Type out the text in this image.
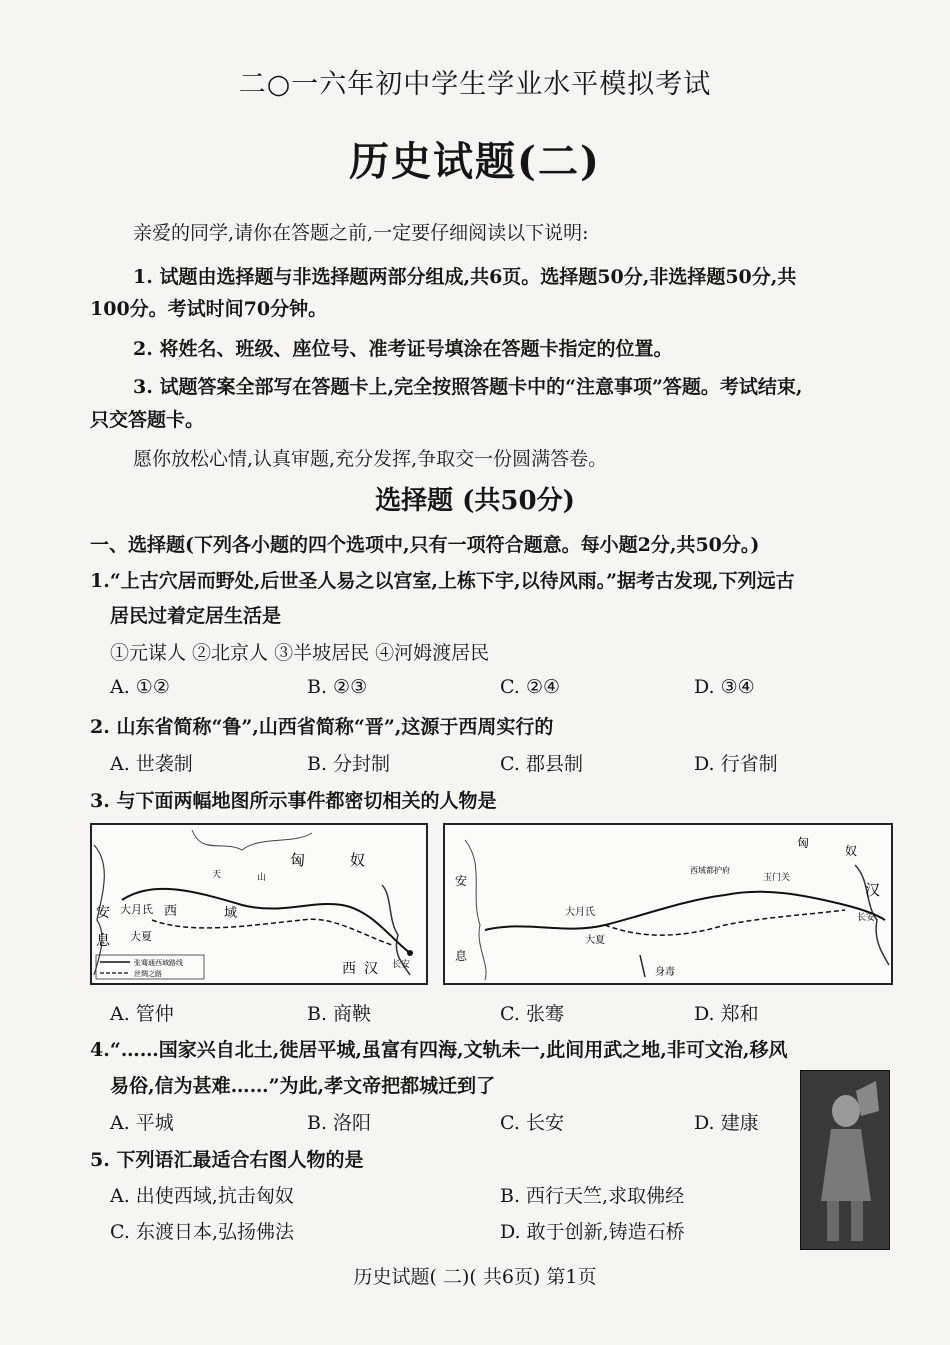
二○一六年初中学生学业水平模拟考试
历史试题(二)
亲爱的同学,请你在答题之前,一定要仔细阅读以下说明:
1. 试题由选择题与非选择题两部分组成,共6页。选择题50分,非选择题50分,共
100分。考试时间70分钟。
2. 将姓名、班级、座位号、准考证号填涂在答题卡指定的位置。
3. 试题答案全部写在答题卡上,完全按照答题卡中的“注意事项”答题。考试结束,
只交答题卡。
愿你放松心情,认真审题,充分发挥,争取交一份圆满答卷。
选择题 (共50分)
一、选择题(下列各小题的四个选项中,只有一项符合题意。每小题2分,共50分。)
1.“上古穴居而野处,后世圣人易之以宫室,上栋下宇,以待风雨。”据考古发现,下列远古
居民过着定居生活是
①元谋人 ②北京人 ③半坡居民 ④河姆渡居民
A. ①②	B. ②③	C. ②④	D. ③④
2. 山东省简称“鲁”,山西省简称“晋”,这源于西周实行的
A. 世袭制	B. 分封制	C. 郡县制	D. 行省制
3. 与下面两幅地图所示事件都密切相关的人物是
张骞通西域路线
丝绸之路
匈	奴
天	山
安
息
大月氏 西	域
大夏
长安
西 汉
匈
奴
安
息
大月氏
大夏
汉
长安
玉门关
西域都护府
身毒
A. 管仲	B. 商鞅	C. 张骞	D. 郑和
4.“……国家兴自北土,徙居平城,虽富有四海,文轨未一,此间用武之地,非可文治,移风
易俗,信为甚难……”为此,孝文帝把都城迁到了
A. 平城	B. 洛阳	C. 长安	D. 建康
5. 下列语汇最适合右图人物的是
A. 出使西域,抗击匈奴	B. 西行天竺,求取佛经
C. 东渡日本,弘扬佛法	D. 敢于创新,铸造石桥
历史试题( 二)( 共6页) 第1页
